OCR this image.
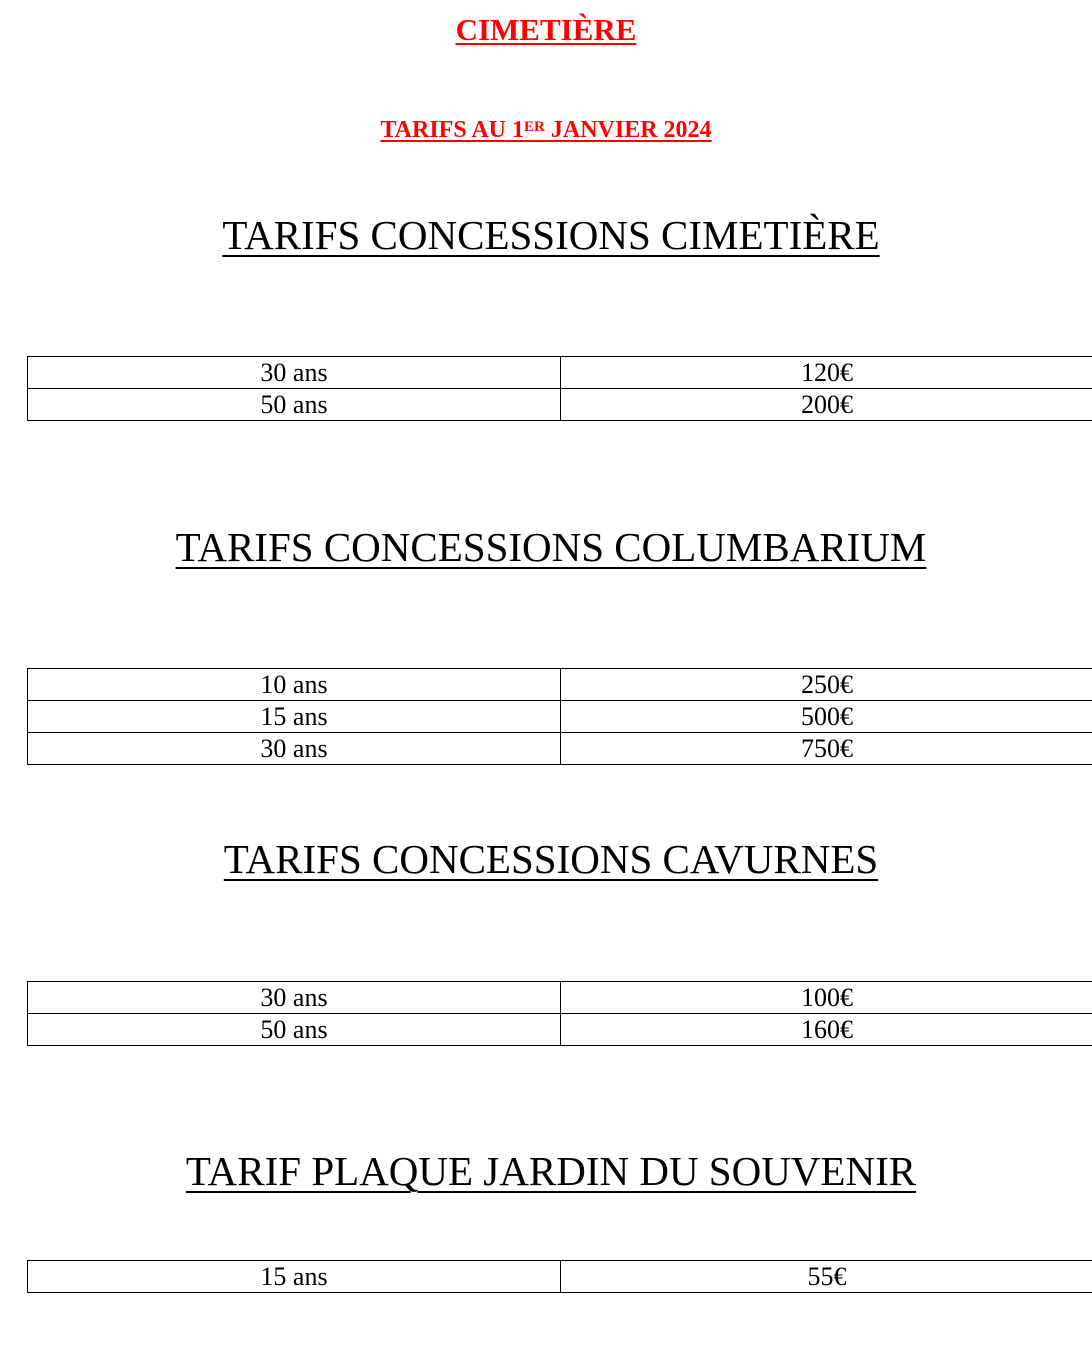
CIMETIÈRE
TARIFS AU 1ER JANVIER 2024
TARIFS CONCESSIONS CIMETIÈRE
30 ans	120€
50 ans	200€
TARIFS CONCESSIONS COLUMBARIUM
10 ans	250€
15 ans	500€
30 ans	750€
TARIFS CONCESSIONS CAVURNES
30 ans	100€
50 ans	160€
TARIF PLAQUE JARDIN DU SOUVENIR
15 ans	55€
